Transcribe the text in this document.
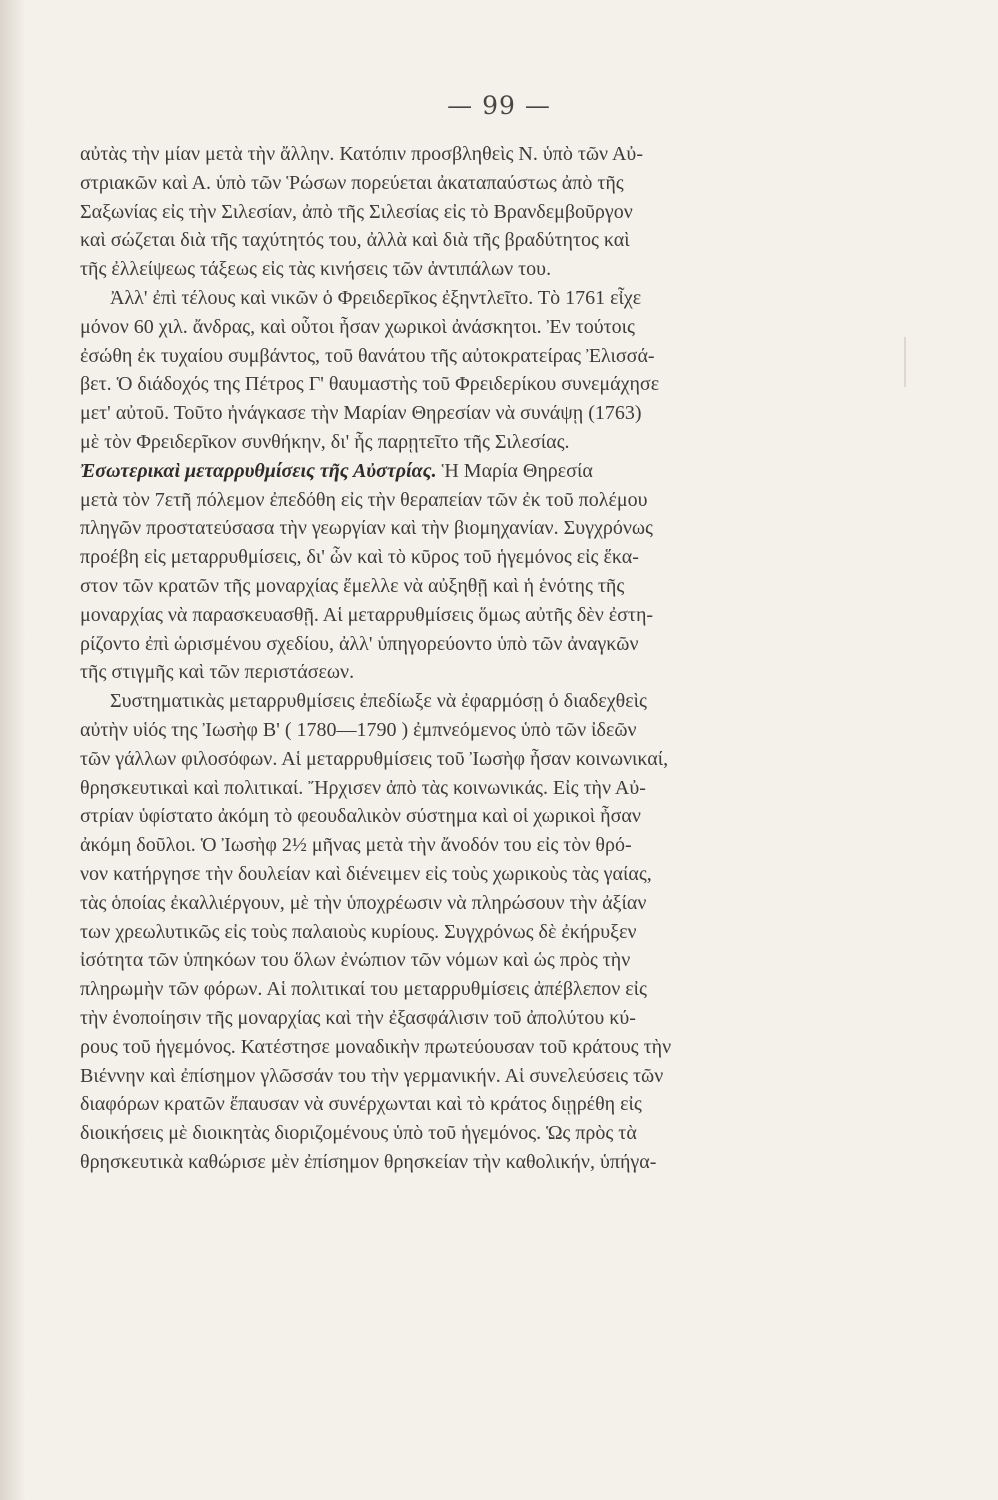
— 99 —
αὐτὰς τὴν μίαν μετὰ τὴν ἄλλην. Κατόπιν προσβληθεὶς Ν. ὑπὸ τῶν Αὐ-
στριακῶν καὶ Α. ὑπὸ τῶν Ῥώσων πορεύεται ἀκαταπαύστως ἀπὸ τῆς
Σαξωνίας εἰς τὴν Σιλεσίαν, ἀπὸ τῆς Σιλεσίας εἰς τὸ Βρανδεμβοῦργον
καὶ σώζεται διὰ τῆς ταχύτητός του, ἀλλὰ καὶ διὰ τῆς βραδύτητος καὶ
τῆς ἐλλείψεως τάξεως εἰς τὰς κινήσεις τῶν ἀντιπάλων του.
Ἀλλ' ἐπὶ τέλους καὶ νικῶν ὁ Φρειδερῖκος ἐξηντλεῖτο. Τὸ 1761 εἶχε
μόνον 60 χιλ. ἄνδρας, καὶ οὗτοι ἦσαν χωρικοὶ ἀνάσκητοι. Ἐν τούτοις
ἐσώθη ἐκ τυχαίου συμβάντος, τοῦ θανάτου τῆς αὐτοκρατείρας Ἐλισσά-
βετ. Ὁ διάδοχός της Πέτρος Γ' θαυμαστὴς τοῦ Φρειδερίκου συνεμάχησε
μετ' αὐτοῦ. Τοῦτο ἠνάγκασε τὴν Μαρίαν Θηρεσίαν νὰ συνάψῃ (1763)
μὲ τὸν Φρειδερῖκον συνθήκην, δι' ἧς παρῃτεῖτο τῆς Σιλεσίας.
Ἐσωτερικαὶ μεταρρυθμίσεις τῆς Αὐστρίας. Ἡ Μαρία Θηρεσία
μετὰ τὸν 7ετῆ πόλεμον ἐπεδόθη εἰς τὴν θεραπείαν τῶν ἐκ τοῦ πολέμου
πληγῶν προστατεύσασα τὴν γεωργίαν καὶ τὴν βιομηχανίαν. Συγχρόνως
προέβη εἰς μεταρρυθμίσεις, δι' ὧν καὶ τὸ κῦρος τοῦ ἡγεμόνος εἰς ἕκα-
στον τῶν κρατῶν τῆς μοναρχίας ἔμελλε νὰ αὐξηθῇ καὶ ἡ ἑνότης τῆς
μοναρχίας νὰ παρασκευασθῇ. Αἱ μεταρρυθμίσεις ὅμως αὐτῆς δὲν ἐστη-
ρίζοντο ἐπὶ ὡρισμένου σχεδίου, ἀλλ' ὑπηγορεύοντο ὑπὸ τῶν ἀναγκῶν
τῆς στιγμῆς καὶ τῶν περιστάσεων.
Συστηματικὰς μεταρρυθμίσεις ἐπεδίωξε νὰ ἐφαρμόσῃ ὁ διαδεχθεὶς
αὐτὴν υἱός της Ἰωσὴφ Β' ( 1780—1790 ) ἐμπνεόμενος ὑπὸ τῶν ἰδεῶν
τῶν γάλλων φιλοσόφων. Αἱ μεταρρυθμίσεις τοῦ Ἰωσὴφ ἦσαν κοινωνικαί,
θρησκευτικαὶ καὶ πολιτικαί. Ἤρχισεν ἀπὸ τὰς κοινωνικάς. Εἰς τὴν Αὐ-
στρίαν ὑφίστατο ἀκόμη τὸ φεουδαλικὸν σύστημα καὶ οἱ χωρικοὶ ἦσαν
ἀκόμη δοῦλοι. Ὁ Ἰωσὴφ 2½ μῆνας μετὰ τὴν ἄνοδόν του εἰς τὸν θρό-
νον κατήργησε τὴν δουλείαν καὶ διένειμεν εἰς τοὺς χωρικοὺς τὰς γαίας,
τὰς ὁποίας ἐκαλλιέργουν, μὲ τὴν ὑποχρέωσιν νὰ πληρώσουν τὴν ἀξίαν
των χρεωλυτικῶς εἰς τοὺς παλαιοὺς κυρίους. Συγχρόνως δὲ ἐκήρυξεν
ἰσότητα τῶν ὑπηκόων του ὅλων ἐνώπιον τῶν νόμων καὶ ὡς πρὸς τὴν
πληρωμὴν τῶν φόρων. Αἱ πολιτικαί του μεταρρυθμίσεις ἀπέβλεπον εἰς
τὴν ἑνοποίησιν τῆς μοναρχίας καὶ τὴν ἐξασφάλισιν τοῦ ἀπολύτου κύ-
ρους τοῦ ἡγεμόνος. Κατέστησε μοναδικὴν πρωτεύουσαν τοῦ κράτους τὴν
Βιέννην καὶ ἐπίσημον γλῶσσάν του τὴν γερμανικήν. Αἱ συνελεύσεις τῶν
διαφόρων κρατῶν ἔπαυσαν νὰ συνέρχωνται καὶ τὸ κράτος διῃρέθη εἰς
διοικήσεις μὲ διοικητὰς διοριζομένους ὑπὸ τοῦ ἡγεμόνος. Ὡς πρὸς τὰ
θρησκευτικὰ καθώρισε μὲν ἐπίσημον θρησκείαν τὴν καθολικήν, ὑπήγα-
